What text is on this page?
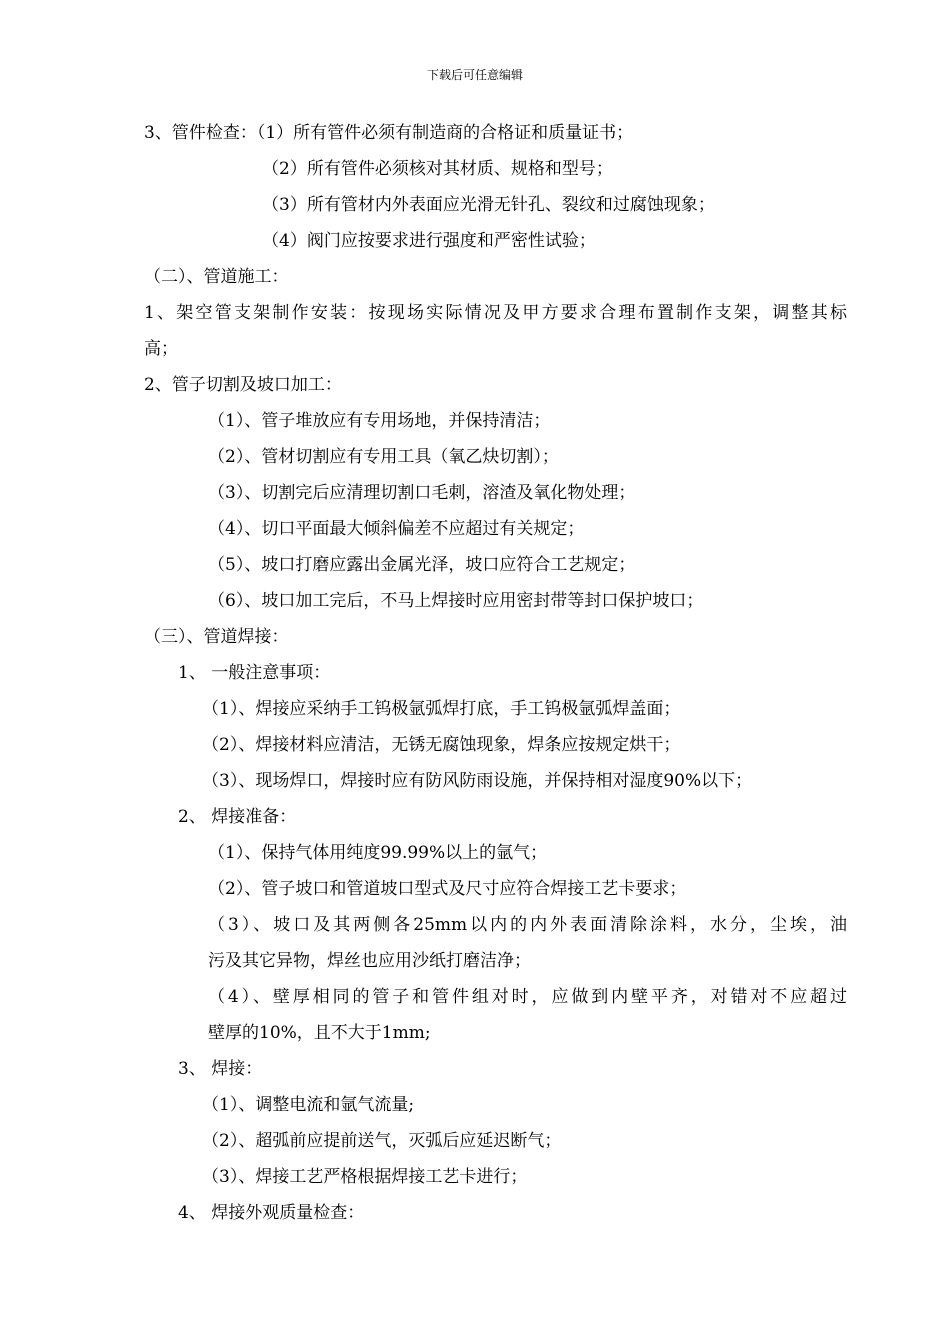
下载后可任意编辑
3、管件检查：（1）所有管件必须有制造商的合格证和质量证书；
（2）所有管件必须核对其材质、规格和型号；
（3）所有管材内外表面应光滑无针孔、裂纹和过腐蚀现象；
（4）阀门应按要求进行强度和严密性试验；
（二）、管道施工：
1、架空管支架制作安装：按现场实际情况及甲方要求合理布置制作支架，调整其标
高；
2、管子切割及坡口加工：
（1）、管子堆放应有专用场地，并保持清洁；
（2）、管材切割应有专用工具（氧乙炔切割）；
（3）、切割完后应清理切割口毛刺，溶渣及氧化物处理；
（4）、切口平面最大倾斜偏差不应超过有关规定；
（5）、坡口打磨应露出金属光泽，坡口应符合工艺规定；
（6）、坡口加工完后，不马上焊接时应用密封带等封口保护坡口；
（三）、管道焊接：
1、 一般注意事项：
（1）、焊接应采纳手工钨极氩弧焊打底，手工钨极氩弧焊盖面；
（2）、焊接材料应清洁，无锈无腐蚀现象，焊条应按规定烘干；
（3）、现场焊口，焊接时应有防风防雨设施，并保持相对湿度90%以下；
2、 焊接准备：
（1）、保持气体用纯度99.99%以上的氩气；
（2）、管子坡口和管道坡口型式及尺寸应符合焊接工艺卡要求；
（3）、坡口及其两侧各25mm以内的内外表面清除涂料，水分，尘埃，油
污及其它异物，焊丝也应用沙纸打磨洁净；
（4）、壁厚相同的管子和管件组对时，应做到内壁平齐，对错对不应超过
壁厚的10%，且不大于1mm;
3、 焊接：
（1）、调整电流和氩气流量;
（2）、超弧前应提前送气，灭弧后应延迟断气；
（3）、焊接工艺严格根据焊接工艺卡进行；
4、 焊接外观质量检查：
